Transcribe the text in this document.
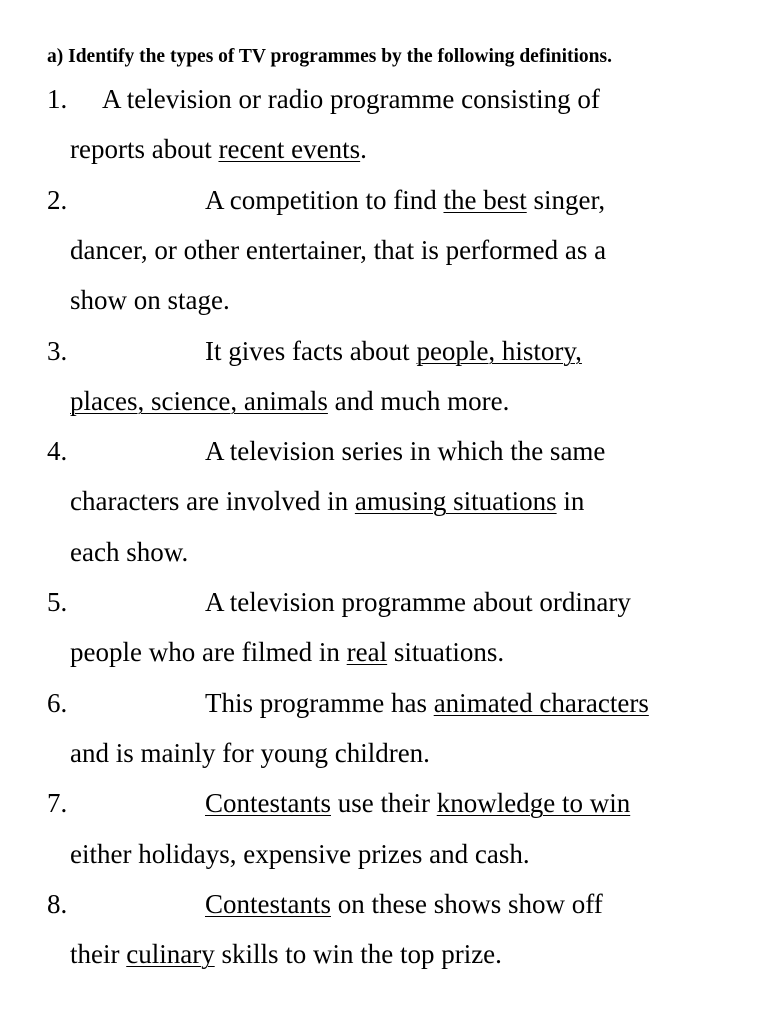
a) Identify the types of TV programmes by the following definitions.
1. A television or radio programme consisting of
reports about recent events.
2.	A competition to find the best singer,
dancer, or other entertainer, that is performed as a
show on stage.
3.	It gives facts about people, history,
places, science, animals and much more.
4.	A television series in which the same
characters are involved in amusing situations in
each show.
5.	A television programme about ordinary
people who are filmed in real situations.
6.	This programme has animated characters
and is mainly for young children.
7.	Contestants use their knowledge to win
either holidays, expensive prizes and cash.
8.	Contestants on these shows show off
their culinary skills to win the top prize.
